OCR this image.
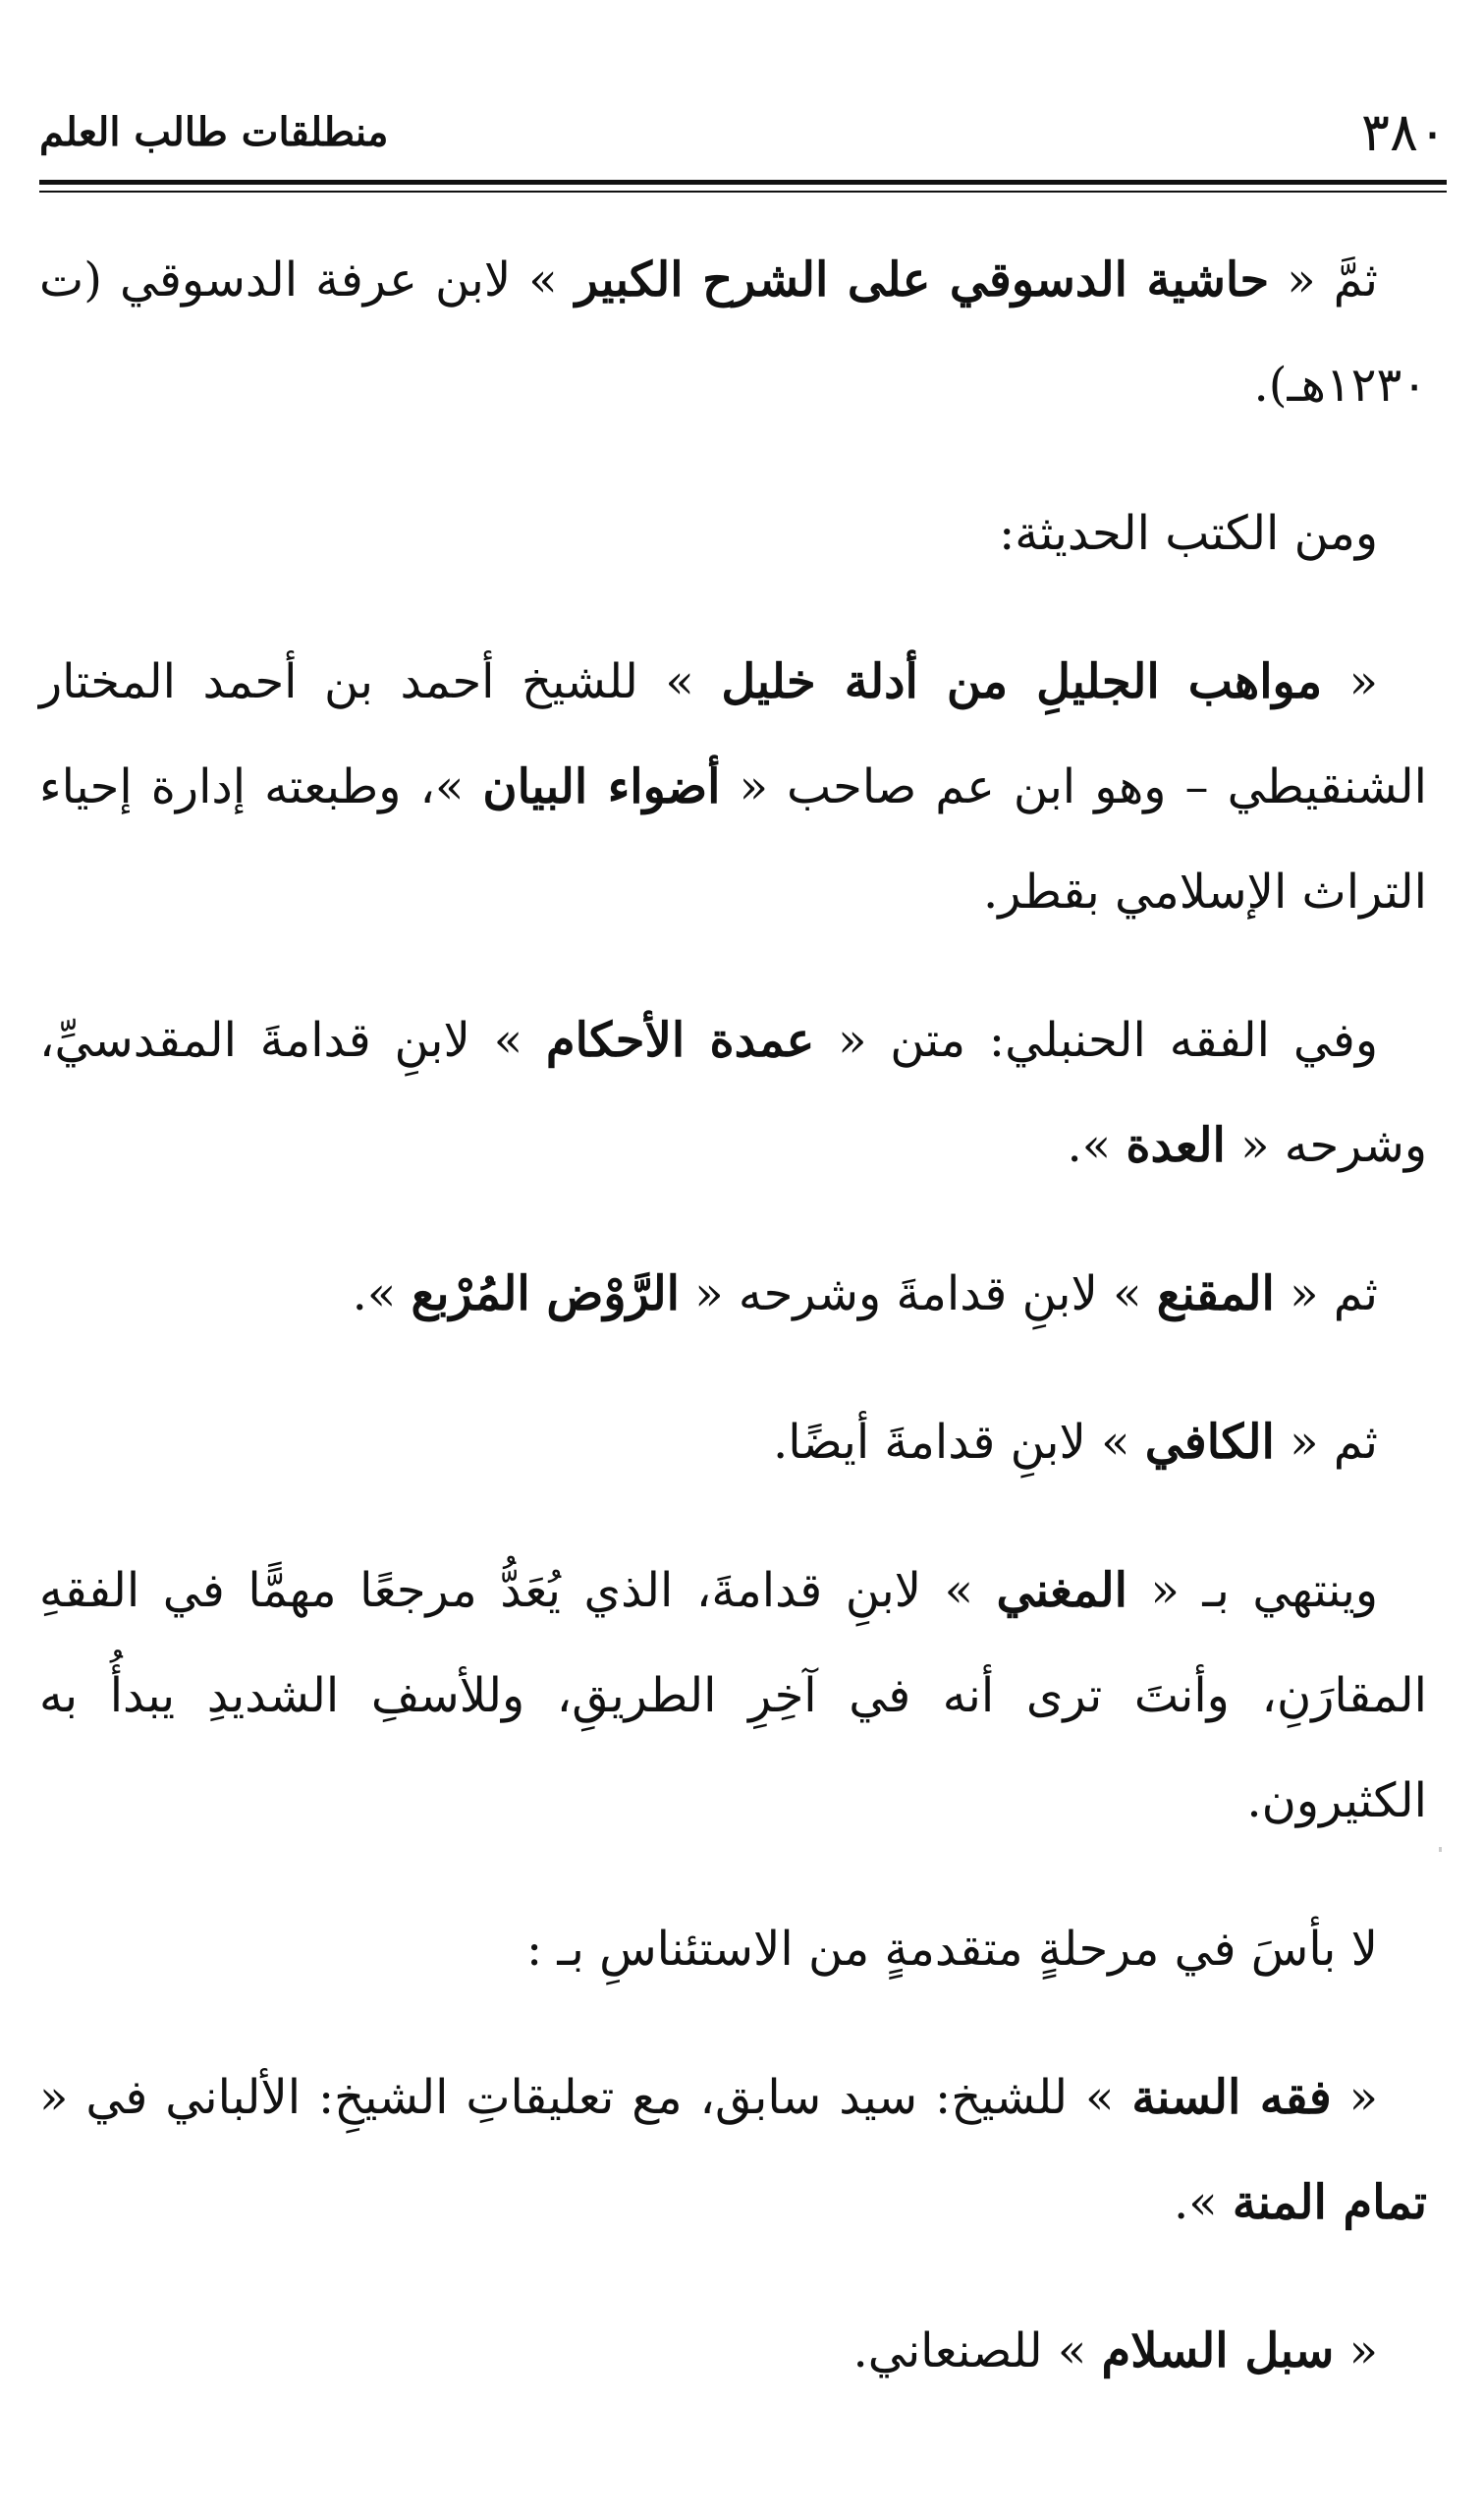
٣٨٠
منطلقات طالب العلم

ثمَّ « حاشية الدسوقي على الشرح الكبير » لابن عرفة الدسوقي (ت ١٢٣٠هـ).

ومن الكتب الحديثة:

« مواهب الجليلِ من أدلة خليل » للشيخ أحمد بن أحمد المختار الشنقيطي – وهو ابن عم صاحب « أضواء البيان »، وطبعته إدارة إحياء التراث الإسلامي بقطر.

وفي الفقه الحنبلي: متن « عمدة الأحكام » لابنِ قدامةَ المقدسيِّ، وشرحه « العدة ».

ثم « المقنع » لابنِ قدامةَ وشرحه « الرَّوْض المُرْبع ».

ثم « الكافي » لابنِ قدامةَ أيضًا.

وينتهي بـ « المغني » لابنِ قدامةَ، الذي يُعَدُّ مرجعًا مهمًّا في الفقهِ المقارَنِ، وأنتَ ترى أنه في آخِرِ الطريقِ، وللأسفِ الشديدِ يبدأُ به الكثيرون.

لا بأسَ في مرحلةٍ متقدمةٍ من الاستئناسِ بـ :

« فقه السنة » للشيخ: سيد سابق، مع تعليقاتِ الشيخِ: الألباني في « تمام المنة ».

« سبل السلام » للصنعاني.
